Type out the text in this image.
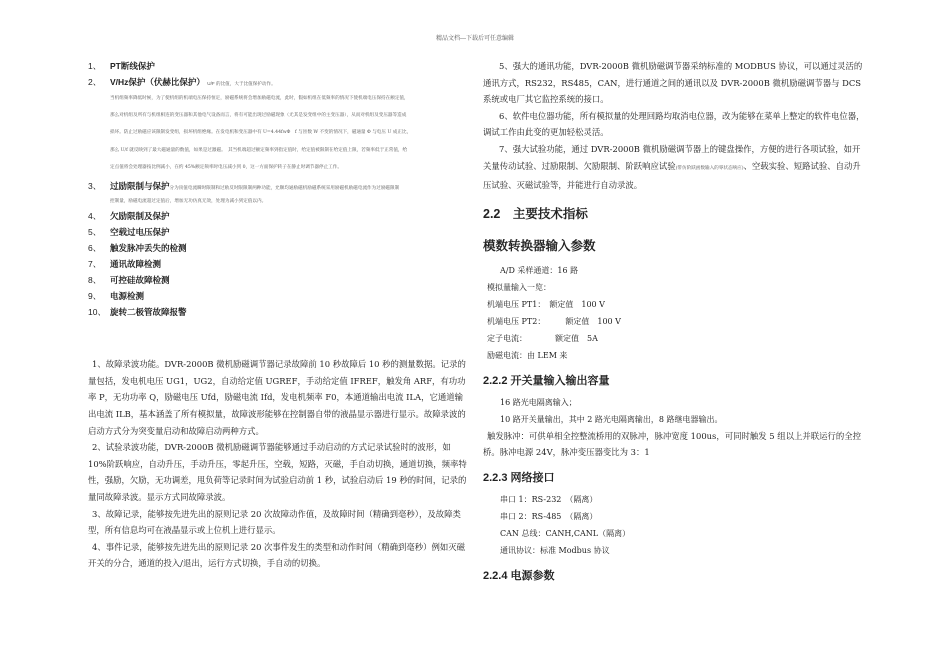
精品文档---下载后可任意编辑
1、 PT断线保护
2、 V/Hz保护（伏赫比保护） U/F 的比值，大于比值保护动作。

当机组频率降低时候，为了使机组的机端电压保持恒定，励磁系统将会增加励磁电流，此时，假如机组在低频率的情况下使机端电压保持在额定值，

那么对机组及所有与机组相连的变压器和其他电气设备而言，将有可能出现过励磁现象（尤其是发变组中的主变压器），从而对机组及变压器等造成

损坏。防止过励磁应该限制发变组，损坏机组绝缘。在发电机和变压器中有 U=4.44fwΦ　f 与匝数 W 不变的情况下，磁通量 Φ 与电压 U 成正比，

那么 U/f 就反映到了最大磁通量的数值，如果是过激磁。　其当机端超过额定频率到指定值时，给定值被限制在给定值上限，若频率低于正常值，给

定点值将会处理器按比例减小，在约 45%额定频率时电压减小到 0，这一方面保护转子在静止时调节器停止工作。

3、 过励限制与保护分为顶值电流瞬时限制和过励反时限限制两种功能，允顺均通励磁机励磁系统采用励磁机励磁电流作为过励磁限制

控制量，励磁电流超过定值后，增加无功仿真无效，处理为减小到定值以内。

4、 欠励限制及保护
5、 空载过电压保护
6、 触发脉冲丢失的检测
7、 通讯故障检测
8、 可控硅故障检测
9、 电源检测
10、 旋转二极管故障报警

1、故障录波功能。DVR-2000B 微机励磁调节器记录故障前 10 秒故障后 10 秒的测量数据。记录的量包括，发电机电压 UG1，UG2，自动给定值 UGREF，手动给定值 IFREF，触发角 ARF，有功功率 P，无功功率 Q，励磁电压 Ufd，励磁电流 Ifd，发电机频率 F0，本通道输出电流 ILA，它通道输出电流 ILB，基本涵盖了所有模拟量，故障波形能够在控制器自带的液晶显示器进行显示。故障录波的启动方式分为突变量启动和故障启动两种方式。

2、试验录波功能，DVR-2000B 微机励磁调节器能够通过手动启动的方式记录试验时的波形，如 10%阶跃响应，自动升压，手动升压，零起升压，空载，短路，灭磁，手自动切换，通道切换，频率特性，强励，欠励，无功调差，甩负荷等记录时间为试验启动前 1 秒，试验启动后 19 秒的时间，记录的量同故障录波。显示方式同故障录波。

3、故障记录，能够按先进先出的原则记录 20 次故障动作值，及故障时间（精确到毫秒），及故障类型，所有信息均可在液晶显示或上位机上进行显示。

4、事件记录，能够按先进先出的原则记录 20 次事件发生的类型和动作时间（精确到毫秒）例如灭磁开关的分合，通道的投入/退出，运行方式切换，手自动的切换。

5、强大的通讯功能，DVR-2000B 微机励磁调节器采纳标准的 MODBUS 协议，可以通过灵活的通讯方式，RS232，RS485，CAN，进行通道之间的通讯以及 DVR-2000B 微机励磁调节器与 DCS 系统或电厂其它监控系统的接口。

6、软件电位器功能，所有模拟量的处理回路均取消电位器，改为能够在菜单上整定的软件电位器，调试工作由此变的更加轻松灵活。

7、强大试验功能，通过 DVR-2000B 微机励磁调节器上的键盘操作，方便的进行各项试验，如开关量传动试验、过励限制、欠励限制、阶跃响应试验(带仿阶跃函数输入的零状态响应)、空载实验、短路试验、自动升压试验、灭磁试验等，并能进行自动录波。

2.2　主要技术指标
模数转换器输入参数
A/D 采样通道：16 路
模拟量输入一览：
机端电压 PT1：　额定值　100 V
机端电压 PT2：　　　额定值　100 V
定子电流：　　　　额定值　5A
励磁电流：由 LEM 来
2.2.2 开关量输入输出容量
16 路光电隔离输入；
10 路开关量输出，其中 2 路光电隔离输出，8 路继电器输出。

触发脉冲：可供单相全控整流桥用的双脉冲，脉冲宽度 100us，可同时触发 5 组以上并联运行的全控桥。脉冲电源 24V，脉冲变压器变比为 3：1

2.2.3 网络接口
串口 1：RS-232　（隔离）
串口 2：RS-485　（隔离）
CAN 总线：CANH,CANL（隔离）
通讯协议：标准 Modbus 协议
2.2.4 电源参数
